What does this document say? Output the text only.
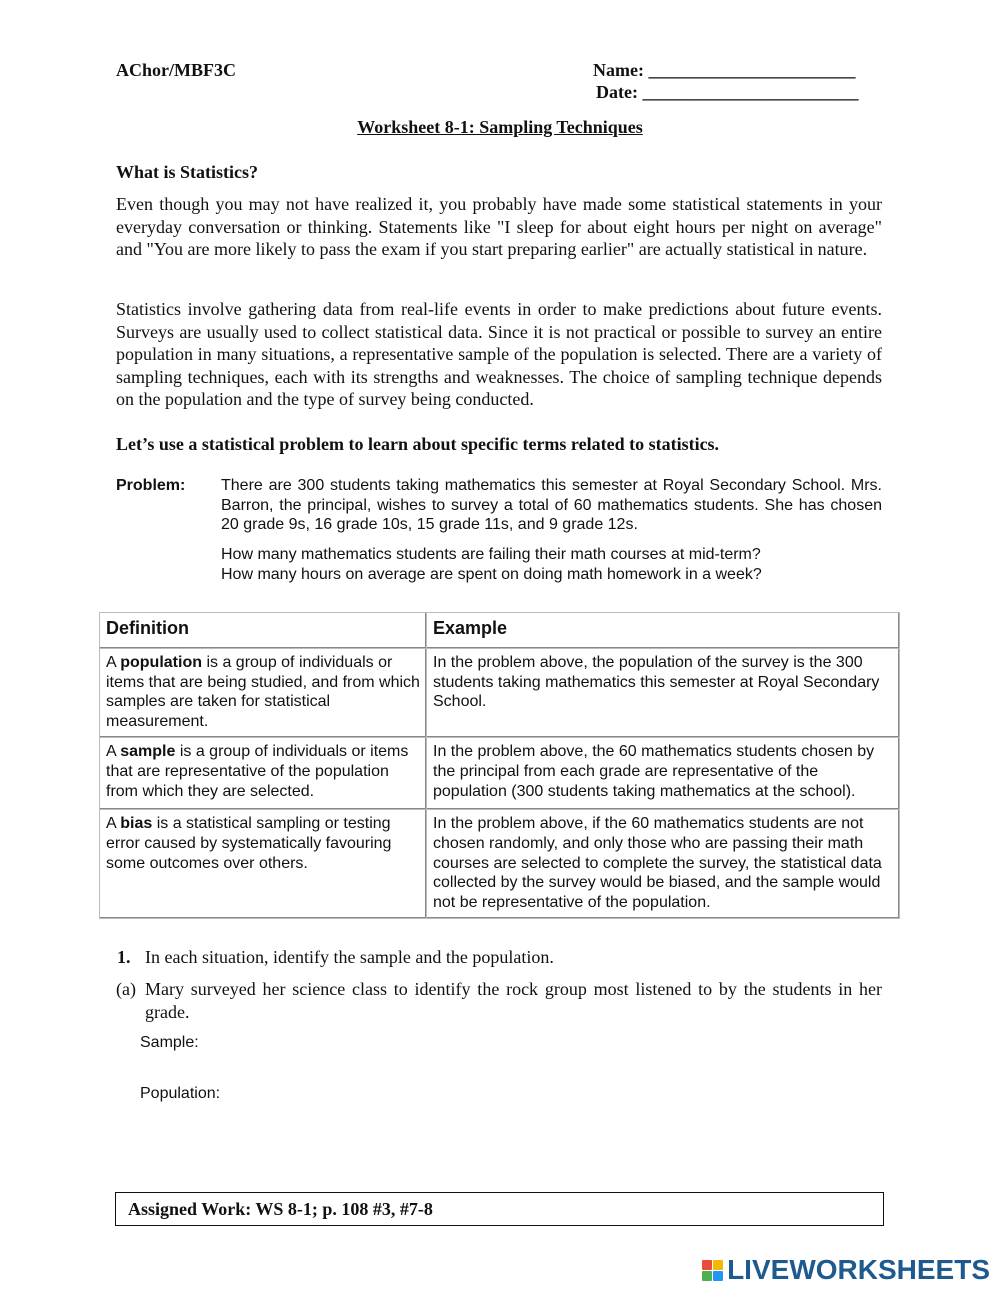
AChor/MBF3C	Name: _______________________
Date: ________________________
Worksheet 8-1: Sampling Techniques
What is Statistics?
Even though you may not have realized it, you probably have made some statistical statements in your everyday conversation or thinking. Statements like "I sleep for about eight hours per night on average" and "You are more likely to pass the exam if you start preparing earlier" are actually statistical in nature.
Statistics involve gathering data from real-life events in order to make predictions about future events. Surveys are usually used to collect statistical data. Since it is not practical or possible to survey an entire population in many situations, a representative sample of the population is selected. There are a variety of sampling techniques, each with its strengths and weaknesses. The choice of sampling technique depends on the population and the type of survey being conducted.
Let’s use a statistical problem to learn about specific terms related to statistics.
Problem: There are 300 students taking mathematics this semester at Royal Secondary School. Mrs. Barron, the principal, wishes to survey a total of 60 mathematics students. She has chosen 20 grade 9s, 16 grade 10s, 15 grade 11s, and 9 grade 12s.
How many mathematics students are failing their math courses at mid-term?
How many hours on average are spent on doing math homework in a week?
Definition	Example
A population is a group of individuals or items that are being studied, and from which samples are taken for statistical measurement.	In the problem above, the population of the survey is the 300 students taking mathematics this semester at Royal Secondary School.
A sample is a group of individuals or items that are representative of the population from which they are selected.	In the problem above, the 60 mathematics students chosen by the principal from each grade are representative of the population (300 students taking mathematics at the school).
A bias is a statistical sampling or testing error caused by systematically favouring some outcomes over others.	In the problem above, if the 60 mathematics students are not chosen randomly, and only those who are passing their math courses are selected to complete the survey, the statistical data collected by the survey would be biased, and the sample would not be representative of the population.
1. In each situation, identify the sample and the population.
(a) Mary surveyed her science class to identify the rock group most listened to by the students in her grade.
Sample:
Population:
Assigned Work: WS 8-1; p. 108 #3, #7-8
LIVEWORKSHEETS
